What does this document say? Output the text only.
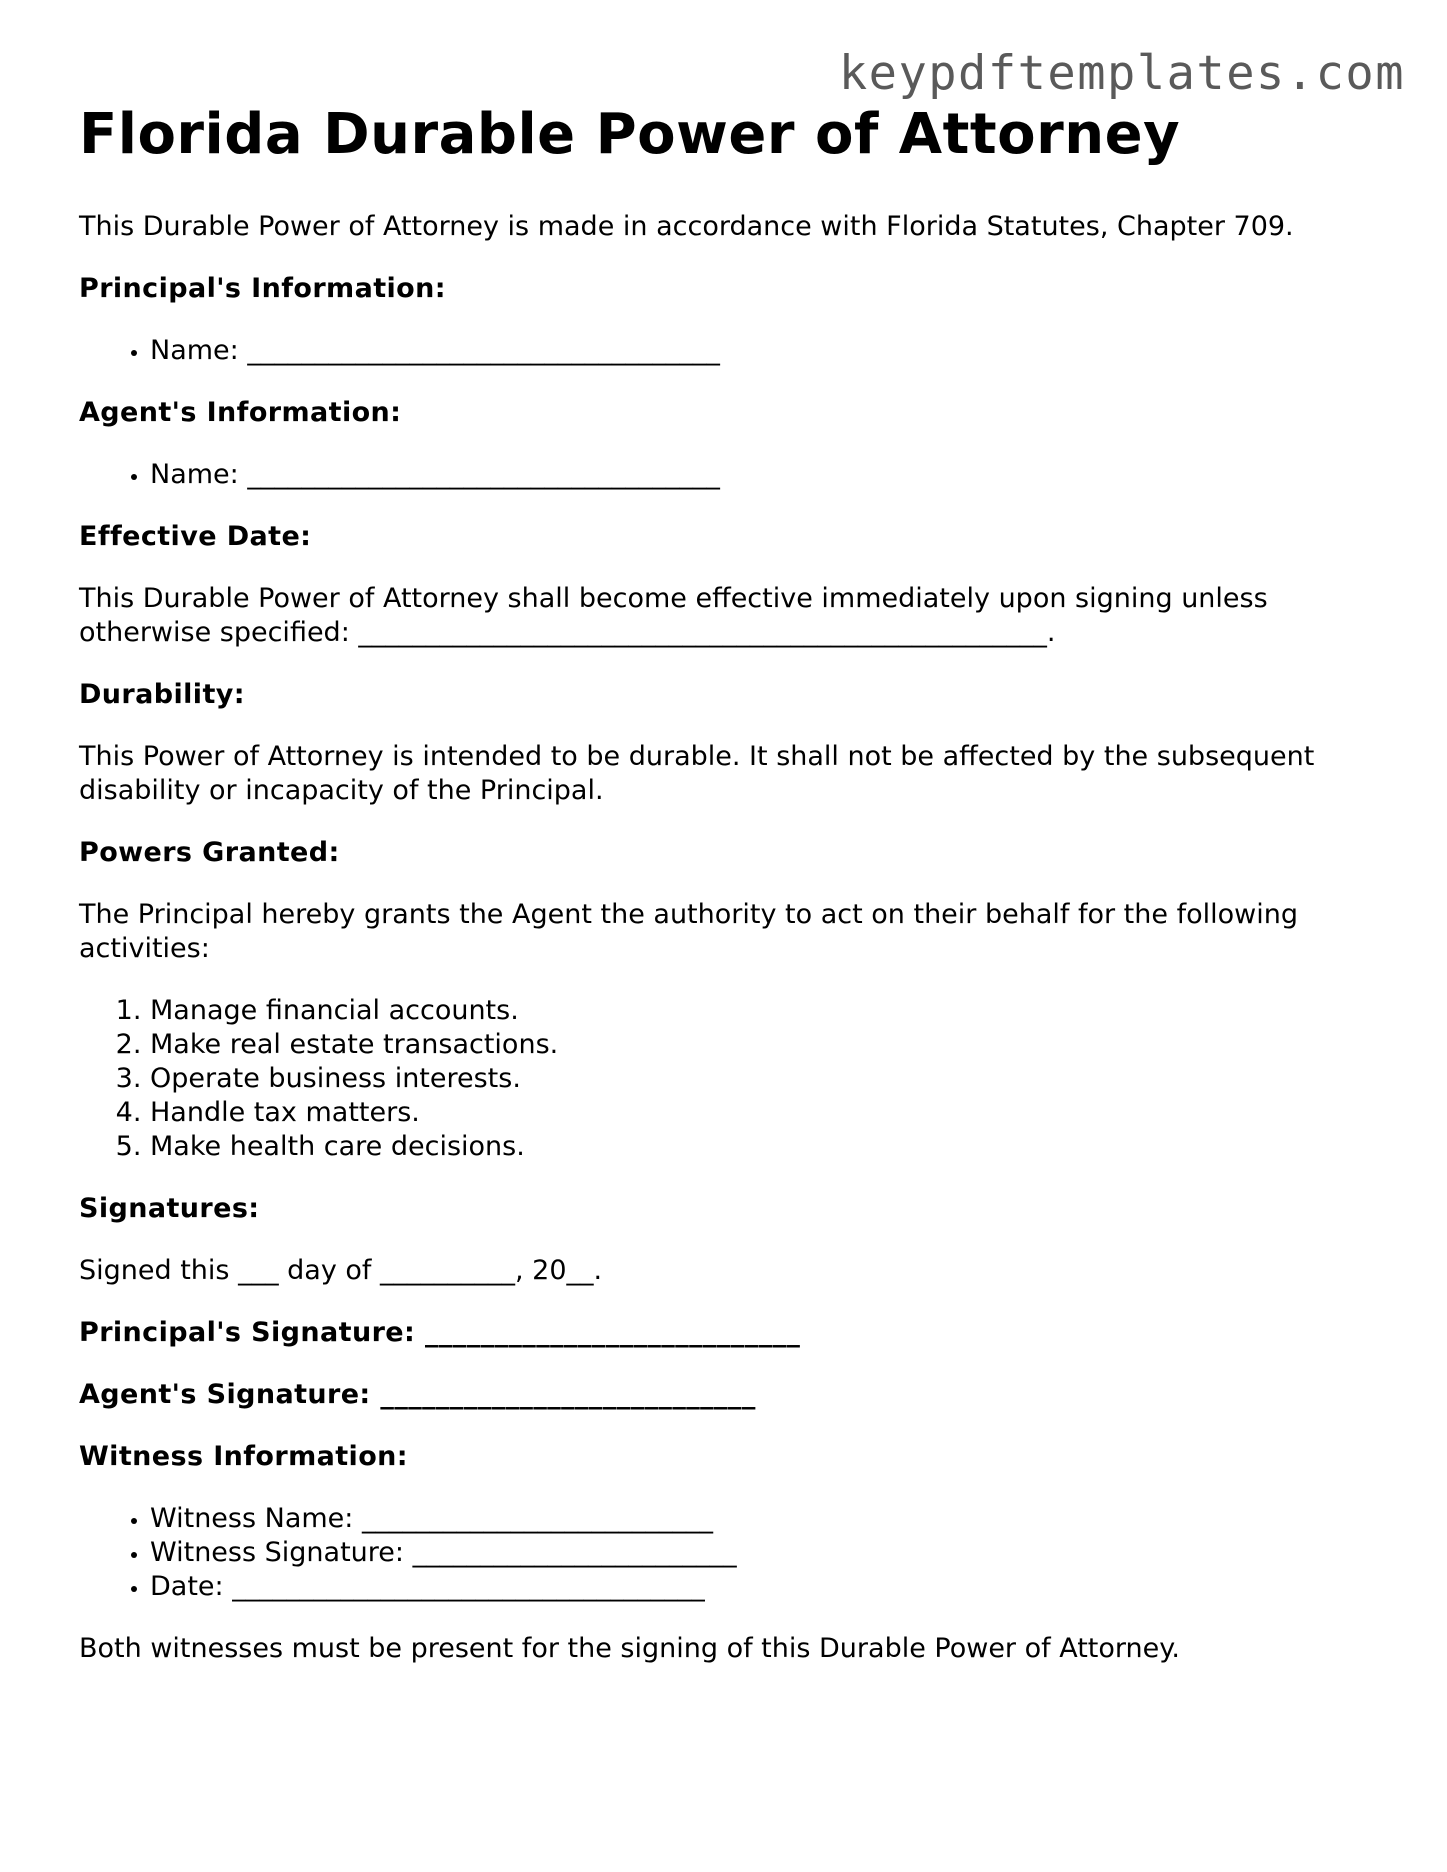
keypdftemplates.com
Florida Durable Power of Attorney

This Durable Power of Attorney is made in accordance with Florida Statutes, Chapter 709.

Principal's Information:

• Name: ___________________________________

Agent's Information:

• Name: ___________________________________

Effective Date:

This Durable Power of Attorney shall become effective immediately upon signing unless otherwise specified: ___________________________________________________.

Durability:

This Power of Attorney is intended to be durable. It shall not be affected by the subsequent disability or incapacity of the Principal.

Powers Granted:

The Principal hereby grants the Agent the authority to act on their behalf for the following activities:

1. Manage financial accounts.
2. Make real estate transactions.
3. Operate business interests.
4. Handle tax matters.
5. Make health care decisions.

Signatures:

Signed this ___ day of __________, 20__.

Principal's Signature: ___________________________

Agent's Signature: ___________________________

Witness Information:

• Witness Name: __________________________
• Witness Signature: ________________________
• Date: ___________________________________

Both witnesses must be present for the signing of this Durable Power of Attorney.
